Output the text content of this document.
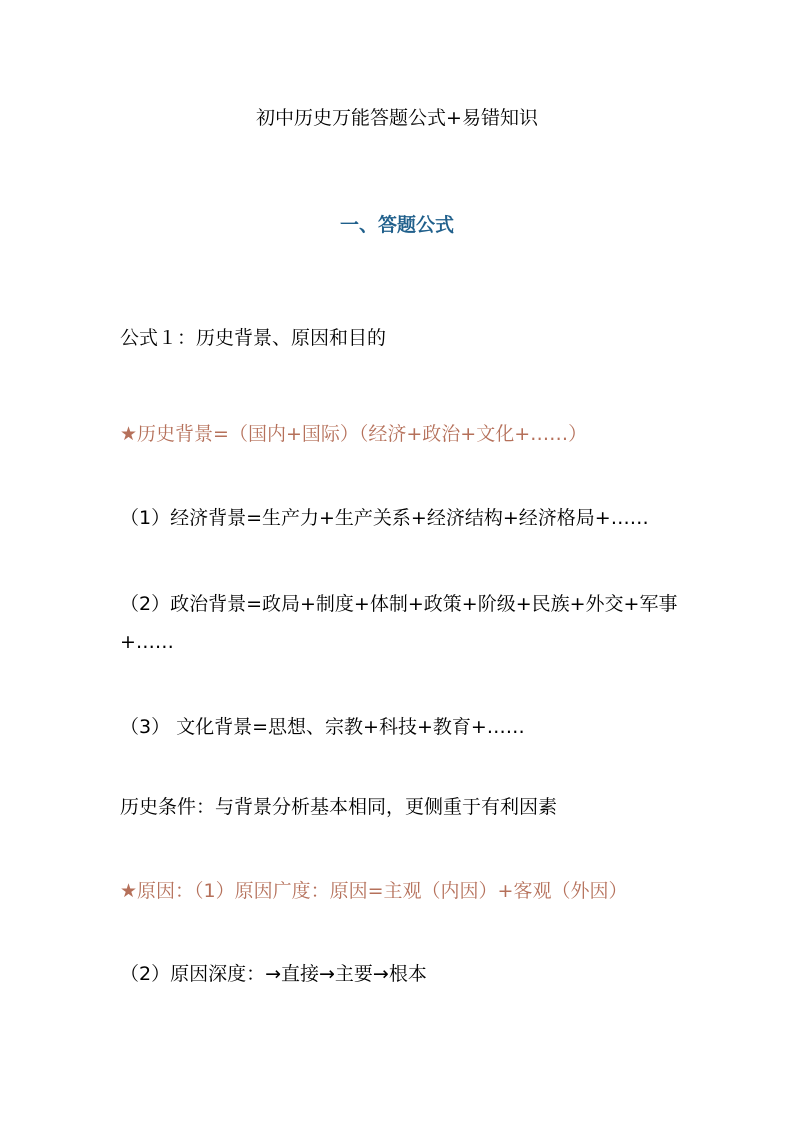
初中历史万能答题公式+易错知识
一、答题公式
公式１：历史背景、原因和目的
★历史背景=（国内+国际）（经济+政治+文化+……）
（1）经济背景=生产力+生产关系+经济结构+经济格局+……
（2）政治背景=政局+制度+体制+政策+阶级+民族+外交+军事+……
（3） 文化背景=思想、宗教+科技+教育+……
历史条件：与背景分析基本相同，更侧重于有利因素
★原因：（1）原因广度：原因=主观（内因）+客观（外因）
（2）原因深度：→直接→主要→根本
